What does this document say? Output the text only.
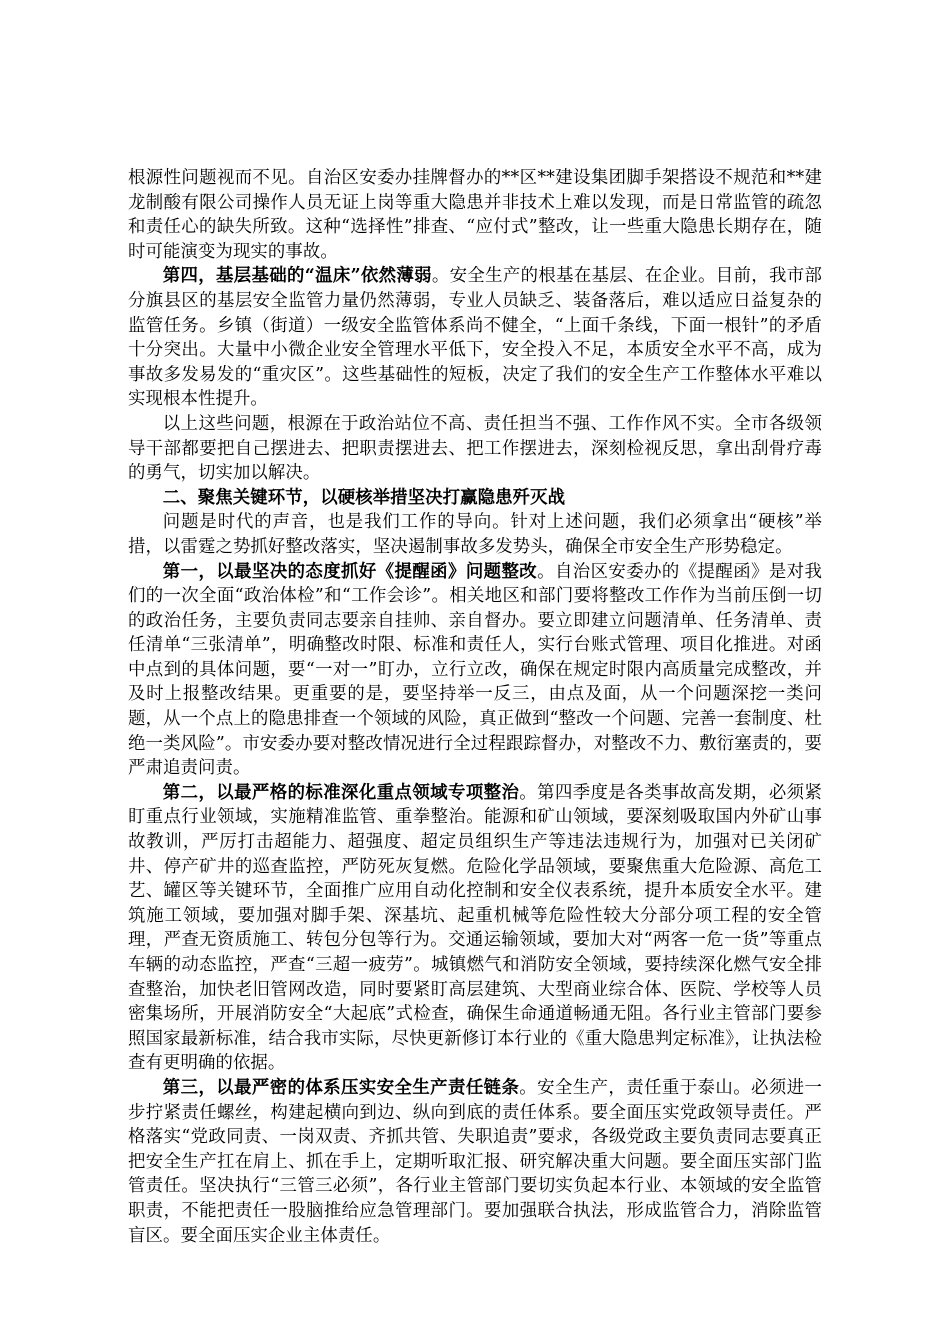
根源性问题视而不见。自治区安委办挂牌督办的**区**建设集团脚手架搭设不规范和**建龙制酸有限公司操作人员无证上岗等重大隐患并非技术上难以发现，而是日常监管的疏忽和责任心的缺失所致。这种“选择性”排查、“应付式”整改，让一些重大隐患长期存在，随时可能演变为现实的事故。

第四，基层基础的“温床”依然薄弱。安全生产的根基在基层、在企业。目前，我市部分旗县区的基层安全监管力量仍然薄弱，专业人员缺乏、装备落后，难以适应日益复杂的监管任务。乡镇（街道）一级安全监管体系尚不健全，“上面千条线，下面一根针”的矛盾十分突出。大量中小微企业安全管理水平低下，安全投入不足，本质安全水平不高，成为事故多发易发的“重灾区”。这些基础性的短板，决定了我们的安全生产工作整体水平难以实现根本性提升。

以上这些问题，根源在于政治站位不高、责任担当不强、工作作风不实。全市各级领导干部都要把自己摆进去、把职责摆进去、把工作摆进去，深刻检视反思，拿出刮骨疗毒的勇气，切实加以解决。

二、聚焦关键环节，以硬核举措坚决打赢隐患歼灭战

问题是时代的声音，也是我们工作的导向。针对上述问题，我们必须拿出“硬核”举措，以雷霆之势抓好整改落实，坚决遏制事故多发势头，确保全市安全生产形势稳定。

第一，以最坚决的态度抓好《提醒函》问题整改。自治区安委办的《提醒函》是对我们的一次全面“政治体检”和“工作会诊”。相关地区和部门要将整改工作作为当前压倒一切的政治任务，主要负责同志要亲自挂帅、亲自督办。要立即建立问题清单、任务清单、责任清单“三张清单”，明确整改时限、标准和责任人，实行台账式管理、项目化推进。对函中点到的具体问题，要“一对一”盯办，立行立改，确保在规定时限内高质量完成整改，并及时上报整改结果。更重要的是，要坚持举一反三，由点及面，从一个问题深挖一类问题，从一个点上的隐患排查一个领域的风险，真正做到“整改一个问题、完善一套制度、杜绝一类风险”。市安委办要对整改情况进行全过程跟踪督办，对整改不力、敷衍塞责的，要严肃追责问责。

第二，以最严格的标准深化重点领域专项整治。第四季度是各类事故高发期，必须紧盯重点行业领域，实施精准监管、重拳整治。能源和矿山领域，要深刻吸取国内外矿山事故教训，严厉打击超能力、超强度、超定员组织生产等违法违规行为，加强对已关闭矿井、停产矿井的巡查监控，严防死灰复燃。危险化学品领域，要聚焦重大危险源、高危工艺、罐区等关键环节，全面推广应用自动化控制和安全仪表系统，提升本质安全水平。建筑施工领域，要加强对脚手架、深基坑、起重机械等危险性较大分部分项工程的安全管理，严查无资质施工、转包分包等行为。交通运输领域，要加大对“两客一危一货”等重点车辆的动态监控，严查“三超一疲劳”。城镇燃气和消防安全领域，要持续深化燃气安全排查整治，加快老旧管网改造，同时要紧盯高层建筑、大型商业综合体、医院、学校等人员密集场所，开展消防安全“大起底”式检查，确保生命通道畅通无阻。各行业主管部门要参照国家最新标准，结合我市实际，尽快更新修订本行业的《重大隐患判定标准》，让执法检查有更明确的依据。

第三，以最严密的体系压实安全生产责任链条。安全生产，责任重于泰山。必须进一步拧紧责任螺丝，构建起横向到边、纵向到底的责任体系。要全面压实党政领导责任。严格落实“党政同责、一岗双责、齐抓共管、失职追责”要求，各级党政主要负责同志要真正把安全生产扛在肩上、抓在手上，定期听取汇报、研究解决重大问题。要全面压实部门监管责任。坚决执行“三管三必须”，各行业主管部门要切实负起本行业、本领域的安全监管职责，不能把责任一股脑推给应急管理部门。要加强联合执法，形成监管合力，消除监管盲区。要全面压实企业主体责任。
